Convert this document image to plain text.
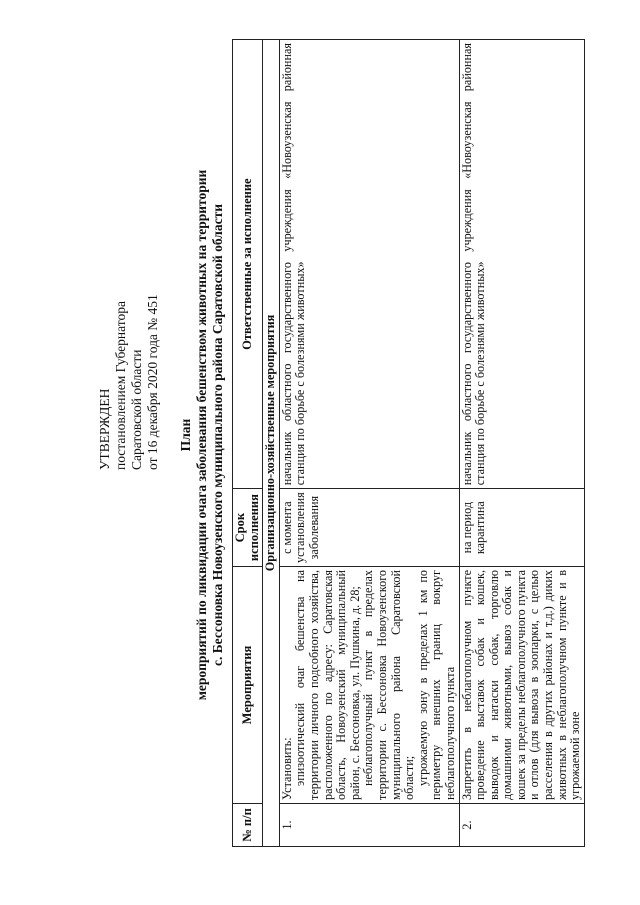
УТВЕРЖДЕН постановлением Губернатора Саратовской области от 16 декабря 2020 года № 451 План мероприятий по ликвидации очага заболевания бешенством животных на территории с. Бессоновка Новоузенского муниципального района Саратовской области
№ п/п	Мероприятия	Срок исполнения	Ответственные за исполнение
Организационно-хозяйственные мероприятия			
1.	Установить: эпизоотический очаг бешенства на территории личного подсобного хозяйства, расположенного по адресу: Саратовская область, Новоузенский муниципальный район, с. Бессоновка, ул. Пушкина, д. 28; неблагополучный пункт в пределах территории с. Бессоновка Новоузенского муниципального района Саратовской области; угрожаемую зону в пределах 1 км по периметру внешних границ вокруг неблагополучного пункта	с момента установления заболевания	начальник областного государственного учреждения «Новоузенская районная станция по борьбе с болезнями животных»
2.	Запретить в неблагополучном пункте проведение выставок собак и кошек, выводок и натаски собак, торговлю домашними животными, вывоз собак и кошек за пределы неблагополучного пункта и отлов (для вывоза в зоопарки, с целью расселения в других районах и т.д.) диких животных в неблагополучном пункте и в угрожаемой зоне	на период карантина	начальник областного государственного учреждения «Новоузенская районная станция по борьбе с болезнями животных»
